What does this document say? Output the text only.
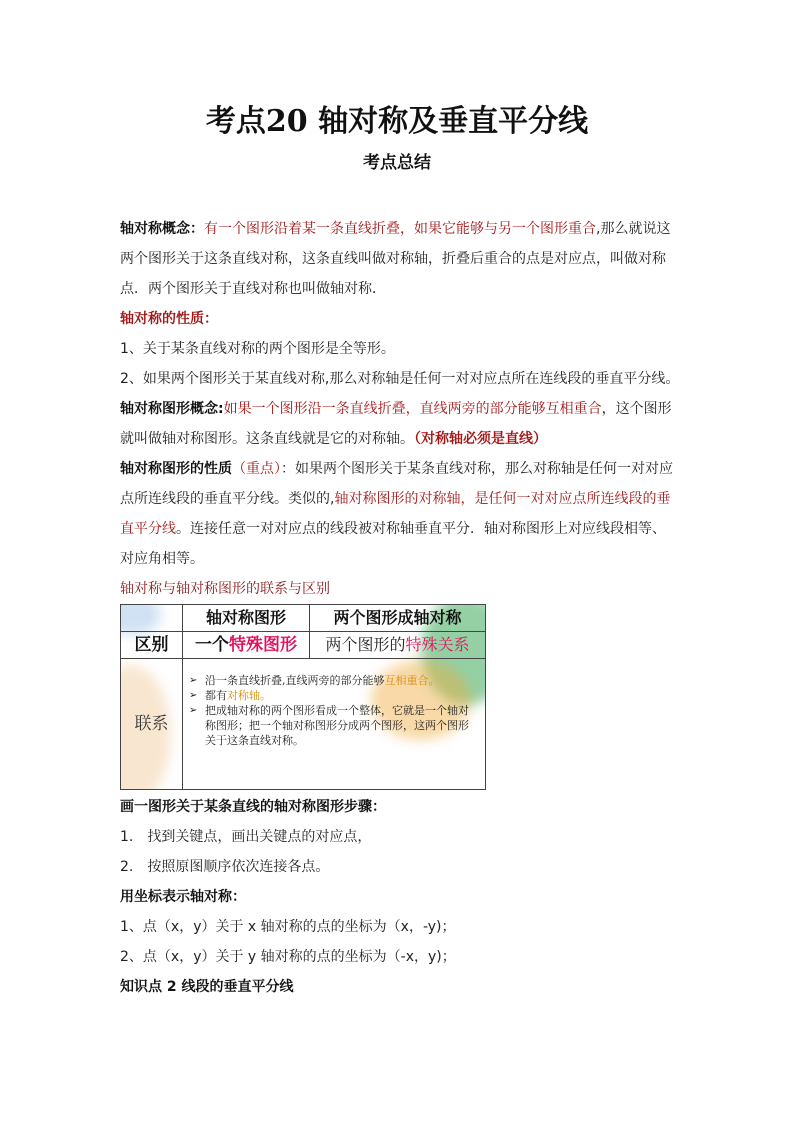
考点20 轴对称及垂直平分线
考点总结

轴对称概念：有一个图形沿着某一条直线折叠，如果它能够与另一个图形重合,那么就说这两个图形关于这条直线对称，这条直线叫做对称轴，折叠后重合的点是对应点，叫做对称点．两个图形关于直线对称也叫做轴对称．

轴对称的性质：

1、关于某条直线对称的两个图形是全等形。

2、如果两个图形关于某直线对称,那么对称轴是任何一对对应点所在连线段的垂直平分线。

轴对称图形概念:如果一个图形沿一条直线折叠，直线两旁的部分能够互相重合，这个图形就叫做轴对称图形。这条直线就是它的对称轴。（对称轴必须是直线）

轴对称图形的性质（重点）：如果两个图形关于某条直线对称，那么对称轴是任何一对对应点所连线段的垂直平分线。类似的,轴对称图形的对称轴，是任何一对对应点所连线段的垂直平分线。连接任意一对对应点的线段被对称轴垂直平分．轴对称图形上对应线段相等、对应角相等。

轴对称与轴对称图形的联系与区别
轴对称图形	两个图形成轴对称
区别	一个 特殊图形 两个图形的 特殊关系
联系
➢ 沿一条直线折叠,直线两旁的部分能够互相重合。
➢ 都有对称轴。
➢ 把成轴对称的两个图形看成一个整体，它就是一个轴对称图形；把一个轴对称图形分成两个图形，这两个图形关于这条直线对称。

画一图形关于某条直线的轴对称图形步骤：

1.　找到关键点，画出关键点的对应点，

2.　按照原图顺序依次连接各点。

用坐标表示轴对称：

1、点（x，y）关于 x 轴对称的点的坐标为（x，-y)；

2、点（x，y）关于 y 轴对称的点的坐标为（-x，y)；

知识点 2 线段的垂直平分线
